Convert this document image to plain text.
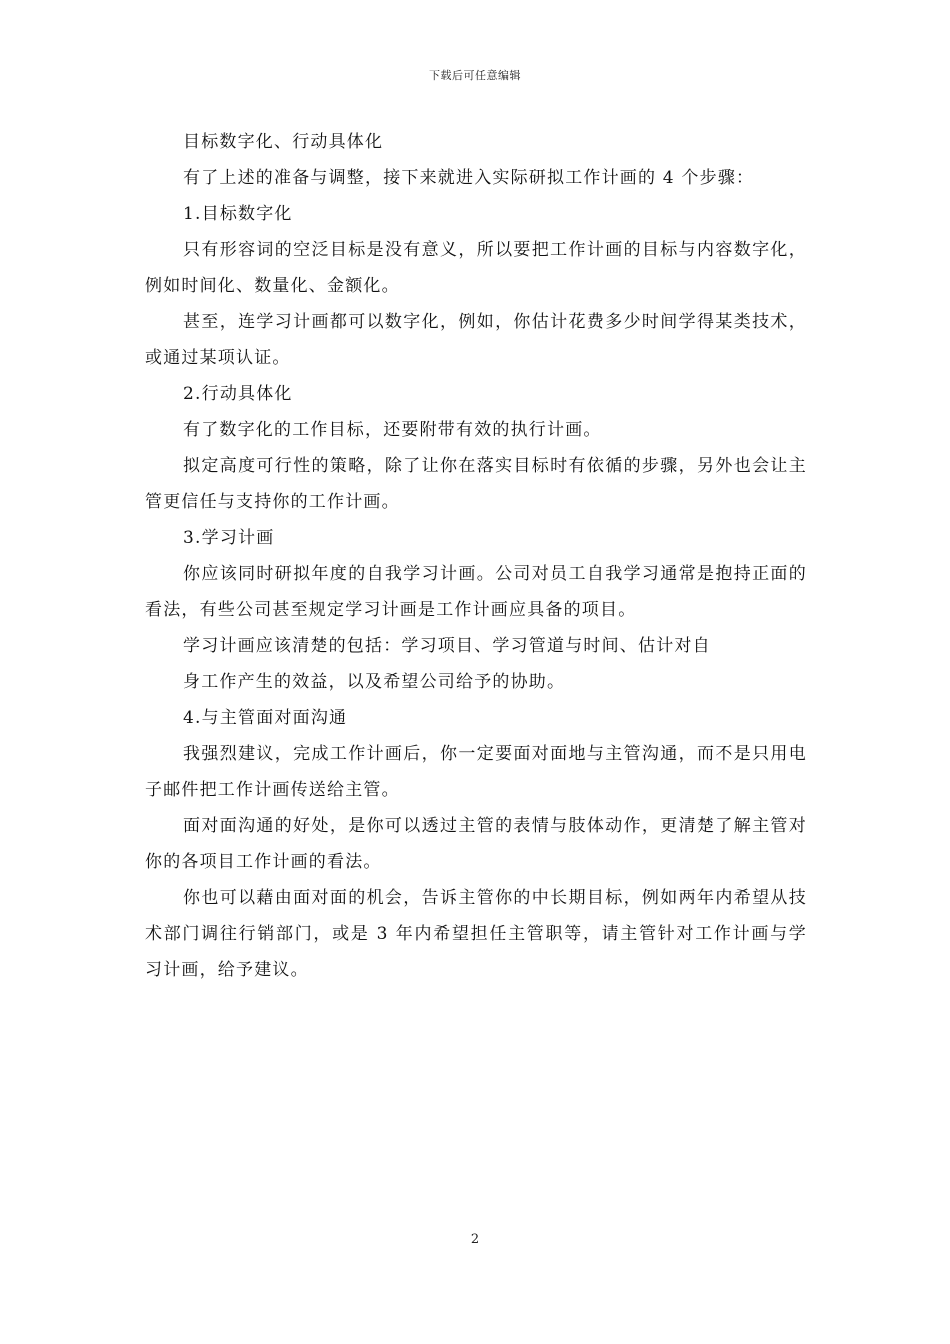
下载后可任意编辑

目标数字化、行动具体化

有了上述的准备与调整，接下来就进入实际研拟工作计画的 4 个步骤：

1.目标数字化

只有形容词的空泛目标是没有意义，所以要把工作计画的目标与内容数字化，例如时间化、数量化、金额化。

甚至，连学习计画都可以数字化，例如，你估计花费多少时间学得某类技术，或通过某项认证。

2.行动具体化

有了数字化的工作目标，还要附带有效的执行计画。

拟定高度可行性的策略，除了让你在落实目标时有依循的步骤，另外也会让主管更信任与支持你的工作计画。

3.学习计画

你应该同时研拟年度的自我学习计画。公司对员工自我学习通常是抱持正面的看法，有些公司甚至规定学习计画是工作计画应具备的项目。

学习计画应该清楚的包括：学习项目、学习管道与时间、估计对自

身工作产生的效益，以及希望公司给予的协助。

4.与主管面对面沟通

我强烈建议，完成工作计画后，你一定要面对面地与主管沟通，而不是只用电子邮件把工作计画传送给主管。

面对面沟通的好处，是你可以透过主管的表情与肢体动作，更清楚了解主管对你的各项目工作计画的看法。

你也可以藉由面对面的机会，告诉主管你的中长期目标，例如两年内希望从技术部门调往行销部门，或是 3 年内希望担任主管职等，请主管针对工作计画与学习计画，给予建议。

2
